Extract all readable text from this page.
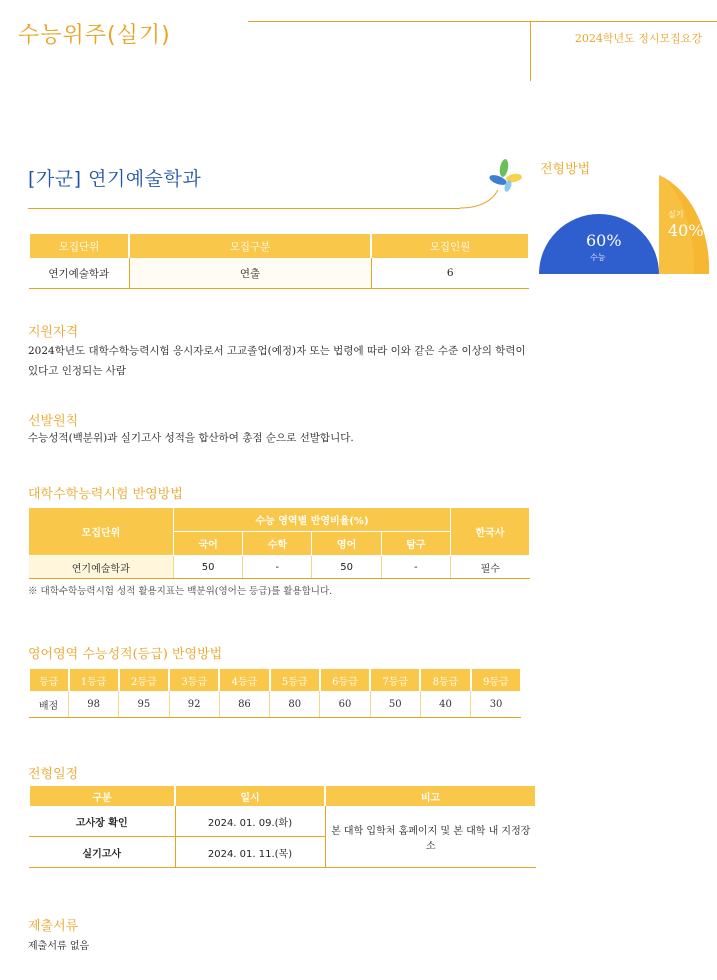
수능위주(실기)	2024학년도 정시모집요강
[가군] 연기예술학과	전형방법
60%
수능
실기
40%
모집단위	모집구분	모집인원
연기예술학과	연출	6
지원자격
2024학년도 대학수학능력시험 응시자로서 고교졸업(예정)자 또는 법령에 따라 이와 같은 수준 이상의 학력이 있다고 인정되는 사람
선발원칙
수능성적(백분위)과 실기고사 성적을 합산하여 총점 순으로 선발합니다.
대학수학능력시험 반영방법
모집단위	수능 영역별 반영비율(%)				한국사
	국어	수학	영어	탐구	
연기예술학과	50	-	50	-	필수
※ 대학수학능력시험 성적 활용지표는 백분위(영어는 등급)를 활용합니다.
영어영역 수능성적(등급) 반영방법
등급	1등급	2등급	3등급	4등급	5등급	6등급	7등급	8등급	9등급
배점	98	95	92	86	80	60	50	40	30
전형일정
구분	일시	비고
고사장 확인	2024. 01. 09.(화)	본 대학 입학처 홈페이지 및 본 대학 내 지정장소
실기고사	2024. 01. 11.(목)	
제출서류
제출서류 없음
